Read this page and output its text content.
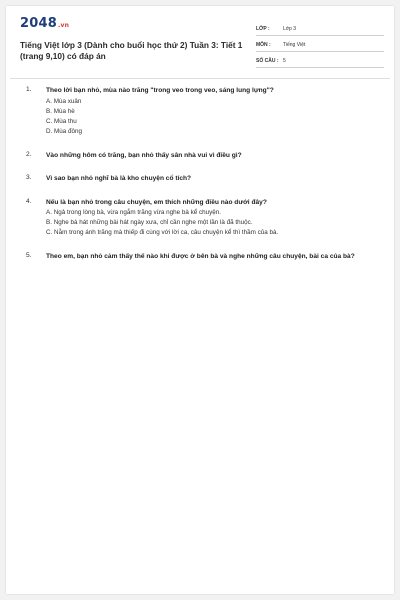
2048.vn
Tiếng Việt lớp 3 (Dành cho buổi học thứ 2) Tuần 3: Tiết 1 (trang 9,10) có đáp án
LỚP :	Lớp 3
MÔN :	Tiếng Việt
SỐ CÂU : 5
1. Theo lời bạn nhỏ, mùa nào trăng "trong veo trong veo, sáng lung lựng"?
A. Mùa xuân
B. Mùa hè
C. Mùa thu
D. Mùa đông
2. Vào những hôm có trăng, bạn nhỏ thấy sân nhà vui vì điều gì?
3. Vì sao bạn nhỏ nghĩ bà là kho chuyện cổ tích?
4. Nếu là bạn nhỏ trong câu chuyện, em thích những điều nào dưới đây?
A. Ngả trong lòng bà, vừa ngắm trăng vừa nghe bà kể chuyện.
B. Nghe bà hát những bài hát ngày xưa, chỉ cần nghe một lần là đã thuộc.
C. Nằm trong ánh trăng mà thiếp đi cùng với lời ca, câu chuyện kể thì thầm của bà.
5. Theo em, bạn nhỏ cảm thấy thế nào khi được ở bên bà và nghe những câu chuyện, bài ca của bà?
